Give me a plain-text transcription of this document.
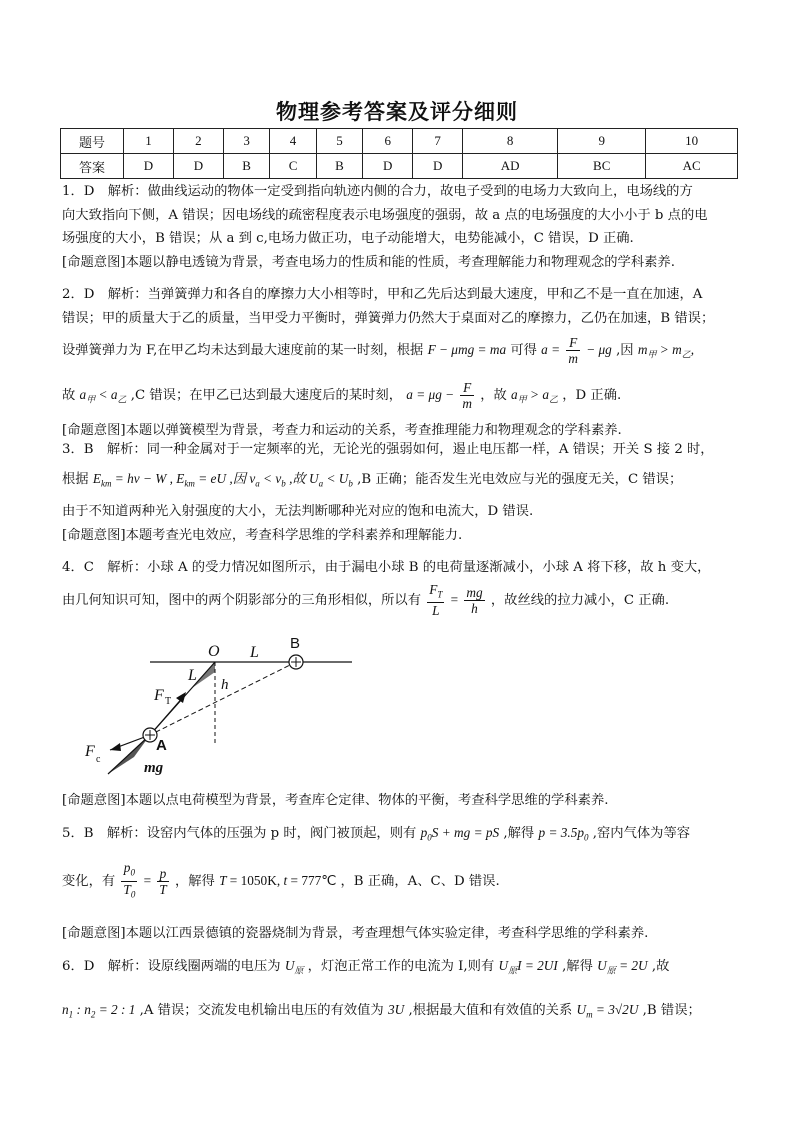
物理参考答案及评分细则
题号	1	2	3	4	5	6	7	8	9	10
答案	D	D	B	C	B	D	D	AD	BC	AC

1．D　解析：做曲线运动的物体一定受到指向轨迹内侧的合力，故电子受到的电场力大致向上，电场线的方

向大致指向下侧，A 错误；因电场线的疏密程度表示电场强度的强弱，故 a 点的电场强度的大小小于 b 点的电

场强度的大小，B 错误；从 a 到 c,电场力做正功，电子动能增大，电势能减小，C 错误，D 正确.

[命题意图]本题以静电透镜为背景，考查电场力的性质和能的性质，考查理解能力和物理观念的学科素养.

2．D　解析：当弹簧弹力和各自的摩擦力大小相等时，甲和乙先后达到最大速度，甲和乙不是一直在加速，A

错误；甲的质量大于乙的质量，当甲受力平衡时，弹簧弹力仍然大于桌面对乙的摩擦力，乙仍在加速，B 错误；

设弹簧弹力为 F,在甲乙均未达到最大速度前的某一时刻，根据 F − μmg = ma 可得 $a = \frac{F}{m} - \mu g$ ,因 $m_甲 > m_乙$,

故 $a_甲 < a_乙$ ,C 错误；在甲乙已达到最大速度后的某时刻， $a = \mu g - \frac{F}{m}$ ，故 $a_甲 > a_乙$ ，D 正确.

[命题意图]本题以弹簧模型为背景，考查力和运动的关系，考查推理能力和物理观念的学科素养.

3．B　解析：同一种金属对于一定频率的光，无论光的强弱如何，遏止电压都一样，A 错误；开关 S 接 2 时，

根据 $E_{km} = h\nu - W$ , $E_{km}$ = eU ,因 $\nu_a < \nu_b$ ,故 $U_a < U_b$ ,B 正确；能否发生光电效应与光的强度无关，C 错误；

由于不知道两种光入射强度的大小，无法判断哪种光对应的饱和电流大，D 错误.

[命题意图]本题考查光电效应，考查科学思维的学科素养和理解能力.

4．C　解析：小球 A 的受力情况如图所示，由于漏电小球 B 的电荷量逐渐减小，小球 A 将下移，故 h 变大，

由几何知识可知，图中的两个阴影部分的三角形相似，所以有 $\frac{F_T}{L} = \frac{mg}{h}$ ，故丝线的拉力减小，C 正确.

O L
L
h
θ
θ
F T
F c
mg
B
A

[命题意图]本题以点电荷模型为背景，考查库仑定律、物体的平衡，考查科学思维的学科素养.

5．B　解析：设窑内气体的压强为 p 时，阀门被顶起，则有 $p_0S$ + mg = pS ,解得 $p = 3.5p_0$ ,窑内气体为等容

变化，有 $\frac{p_0}{T_0} = \frac{p}{T}$ ，解得 T = 1050K, t = 777℃ ，B 正确，A、C、D 错误.

[命题意图]本题以江西景德镇的瓷器烧制为背景，考查理想气体实验定律，考查科学思维的学科素养.

6．D　解析：设原线圈两端的电压为 $U_原$ ，灯泡正常工作的电流为 I,则有 $U_原I = 2UI$ ,解得 $U_原 = 2U$ ,故

$n_1$ : $n_2 = 2$ : 1 ,A 错误；交流发电机输出电压的有效值为 3U ,根据最大值和有效值的关系 $U_m = 3√2U$ ,B 错误；
